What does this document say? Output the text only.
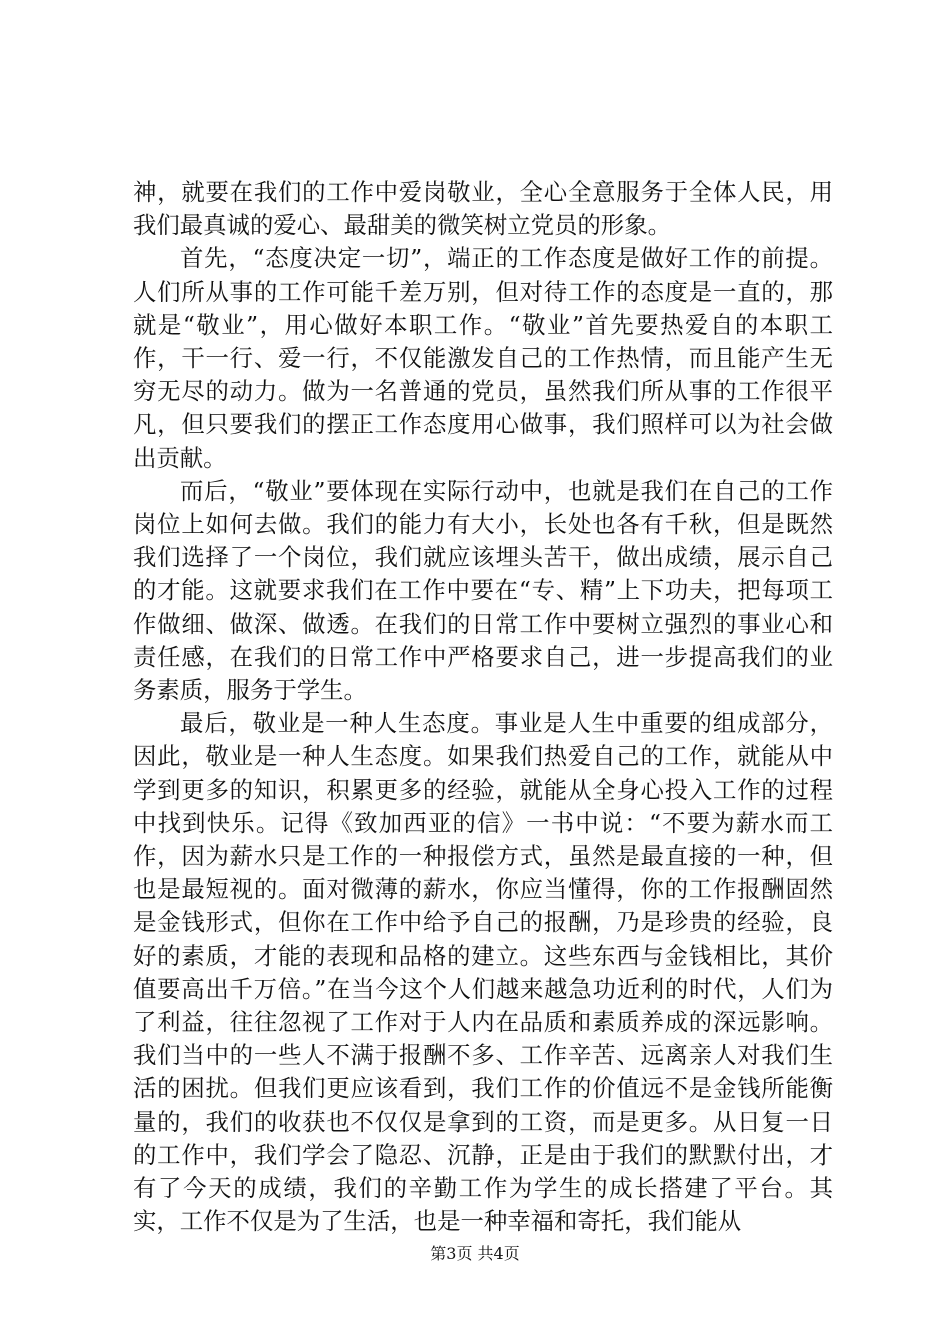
神，就要在我们的工作中爱岗敬业，全心全意服务于全体人民，用我们最真诚的爱心、最甜美的微笑树立党员的形象。

首先，“态度决定一切”，端正的工作态度是做好工作的前提。人们所从事的工作可能千差万别，但对待工作的态度是一直的，那就是“敬业”，用心做好本职工作。“敬业”首先要热爱自的本职工作，干一行、爱一行，不仅能激发自己的工作热情，而且能产生无穷无尽的动力。做为一名普通的党员，虽然我们所从事的工作很平凡，但只要我们的摆正工作态度用心做事，我们照样可以为社会做出贡献。

而后，“敬业”要体现在实际行动中，也就是我们在自己的工作岗位上如何去做。我们的能力有大小，长处也各有千秋，但是既然我们选择了一个岗位，我们就应该埋头苦干，做出成绩，展示自己的才能。这就要求我们在工作中要在“专、精”上下功夫，把每项工作做细、做深、做透。在我们的日常工作中要树立强烈的事业心和责任感，在我们的日常工作中严格要求自己，进一步提高我们的业务素质，服务于学生。

最后，敬业是一种人生态度。事业是人生中重要的组成部分，因此，敬业是一种人生态度。如果我们热爱自己的工作，就能从中学到更多的知识，积累更多的经验，就能从全身心投入工作的过程中找到快乐。记得《致加西亚的信》一书中说：“不要为薪水而工作，因为薪水只是工作的一种报偿方式，虽然是最直接的一种，但也是最短视的。面对微薄的薪水，你应当懂得，你的工作报酬固然是金钱形式，但你在工作中给予自己的报酬，乃是珍贵的经验，良好的素质，才能的表现和品格的建立。这些东西与金钱相比，其价值要高出千万倍。”在当今这个人们越来越急功近利的时代，人们为了利益，往往忽视了工作对于人内在品质和素质养成的深远影响。我们当中的一些人不满于报酬不多、工作辛苦、远离亲人对我们生活的困扰。但我们更应该看到，我们工作的价值远不是金钱所能衡量的，我们的收获也不仅仅是拿到的工资，而是更多。从日复一日的工作中，我们学会了隐忍、沉静，正是由于我们的默默付出，才有了今天的成绩，我们的辛勤工作为学生的成长搭建了平台。其实，工作不仅是为了生活，也是一种幸福和寄托，我们能从

第3页 共4页
